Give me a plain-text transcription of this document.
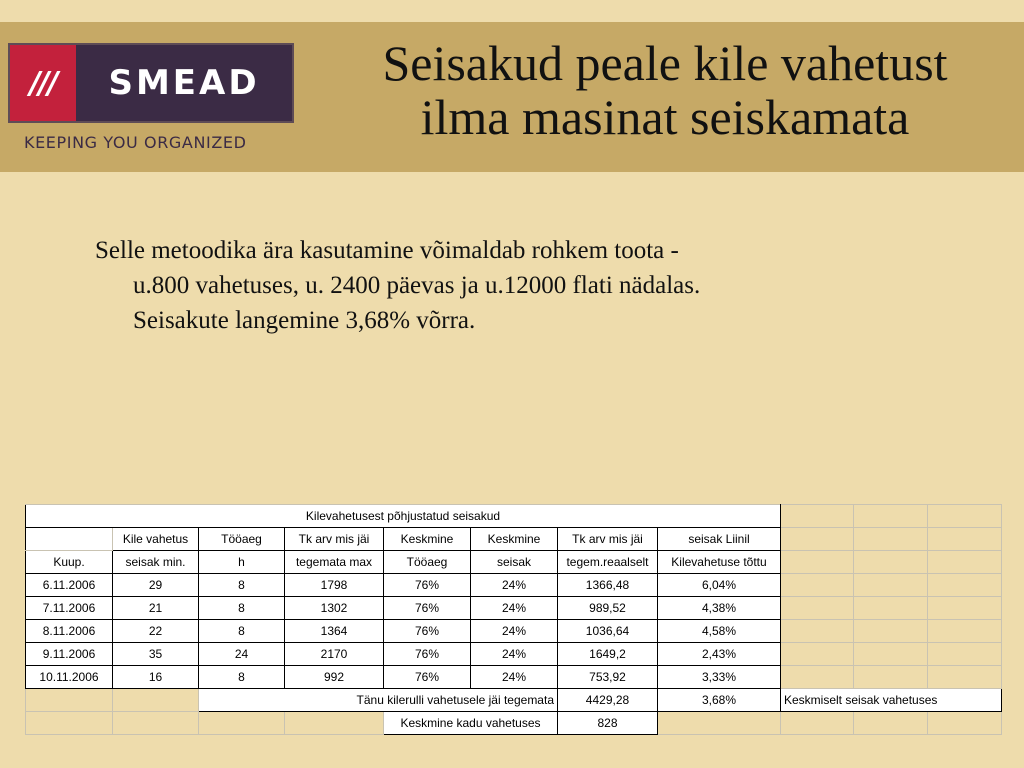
///	SMEAD
KEEPING YOU ORGANIZED
Seisakud peale kile vahetust
ilma masinat seiskamata
Selle metoodika ära kasutamine võimaldab rohkem toota -
u.800 vahetuses, u. 2400 päevas ja u.12000 flati nädalas.
Seisakute langemine 3,68% võrra.
Kilevahetusest põhjustatud seisakud										
	Kile vahetus	Tööaeg	Tk arv mis jäi	Keskmine	Keskmine	Tk arv mis jäi	seisak Liinil			
Kuup.	seisak min.	h	tegemata max	Tööaeg	seisak	tegem.reaalselt	Kilevahetuse tõttu			
6.11.2006	29	8	1798	76%	24%	1366,48	6,04%			
7.11.2006	21	8	1302	76%	24%	989,52	4,38%			
8.11.2006	22	8	1364	76%	24%	1036,64	4,58%			
9.11.2006	35	24	2170	76%	24%	1649,2	2,43%			
10.11.2006	16	8	992	76%	24%	753,92	3,33%			
		Tänu kilerulli vahetusele jäi tegemata				4429,28	3,68%	Keskmiselt seisak vahetuses		
				Keskmine kadu vahetuses		828				
